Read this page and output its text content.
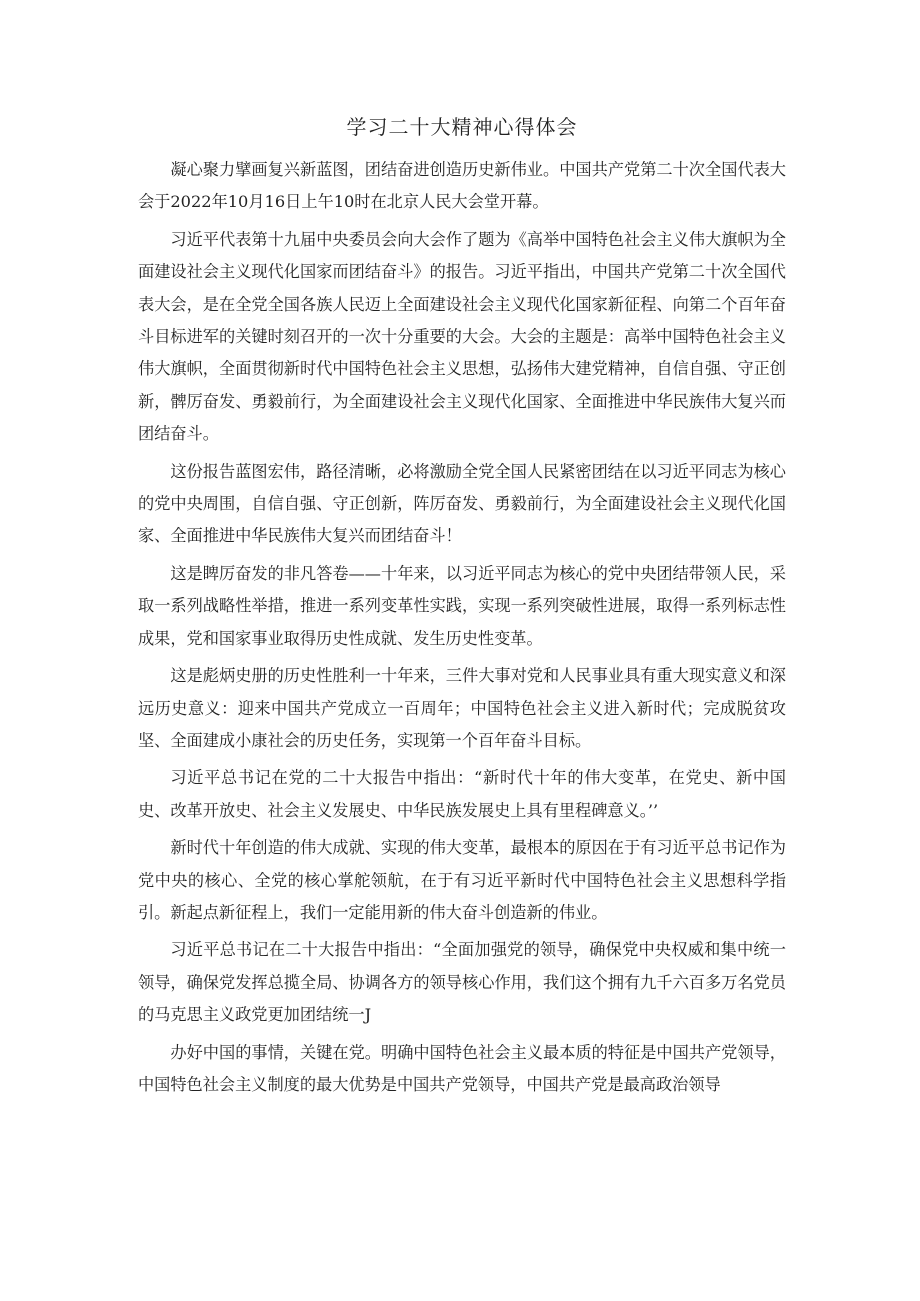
学习二十大精神心得体会

凝心聚力擘画复兴新蓝图，团结奋进创造历史新伟业。中国共产党第二十次全国代表大会于2022年10月16日上午10时在北京人民大会堂开幕。

习近平代表第十九届中央委员会向大会作了题为《高举中国特色社会主义伟大旗帜为全面建设社会主义现代化国家而团结奋斗》的报告。习近平指出，中国共产党第二十次全国代表大会，是在全党全国各族人民迈上全面建设社会主义现代化国家新征程、向第二个百年奋斗目标进军的关键时刻召开的一次十分重要的大会。大会的主题是：高举中国特色社会主义伟大旗帜，全面贯彻新时代中国特色社会主义思想，弘扬伟大建党精神，自信自强、守正创新，髀厉奋发、勇毅前行，为全面建设社会主义现代化国家、全面推进中华民族伟大复兴而团结奋斗。

这份报告蓝图宏伟，路径清晰，必将激励全党全国人民紧密团结在以习近平同志为核心的党中央周围，自信自强、守正创新，阵厉奋发、勇毅前行，为全面建设社会主义现代化国家、全面推进中华民族伟大复兴而团结奋斗！

这是睥厉奋发的非凡答卷——十年来，以习近平同志为核心的党中央团结带领人民，采取一系列战略性举措，推进一系列变革性实践，实现一系列突破性进展，取得一系列标志性成果，党和国家事业取得历史性成就、发生历史性变革。

这是彪炳史册的历史性胜利一十年来，三件大事对党和人民事业具有重大现实意义和深远历史意义：迎来中国共产党成立一百周年；中国特色社会主义进入新时代；完成脱贫攻坚、全面建成小康社会的历史任务，实现第一个百年奋斗目标。

习近平总书记在党的二十大报告中指出：“新时代十年的伟大变革，在党史、新中国史、改革开放史、社会主义发展史、中华民族发展史上具有里程碑意义。’’

新时代十年创造的伟大成就、实现的伟大变革，最根本的原因在于有习近平总书记作为党中央的核心、全党的核心掌舵领航，在于有习近平新时代中国特色社会主义思想科学指引。新起点新征程上，我们一定能用新的伟大奋斗创造新的伟业。

习近平总书记在二十大报告中指出：“全面加强党的领导，确保党中央权威和集中统一领导，确保党发挥总揽全局、协调各方的领导核心作用，我们这个拥有九千六百多万名党员的马克思主义政党更加团结统一J

办好中国的事情，关键在党。明确中国特色社会主义最本质的特征是中国共产党领导，中国特色社会主义制度的最大优势是中国共产党领导，中国共产党是最高政治领导
